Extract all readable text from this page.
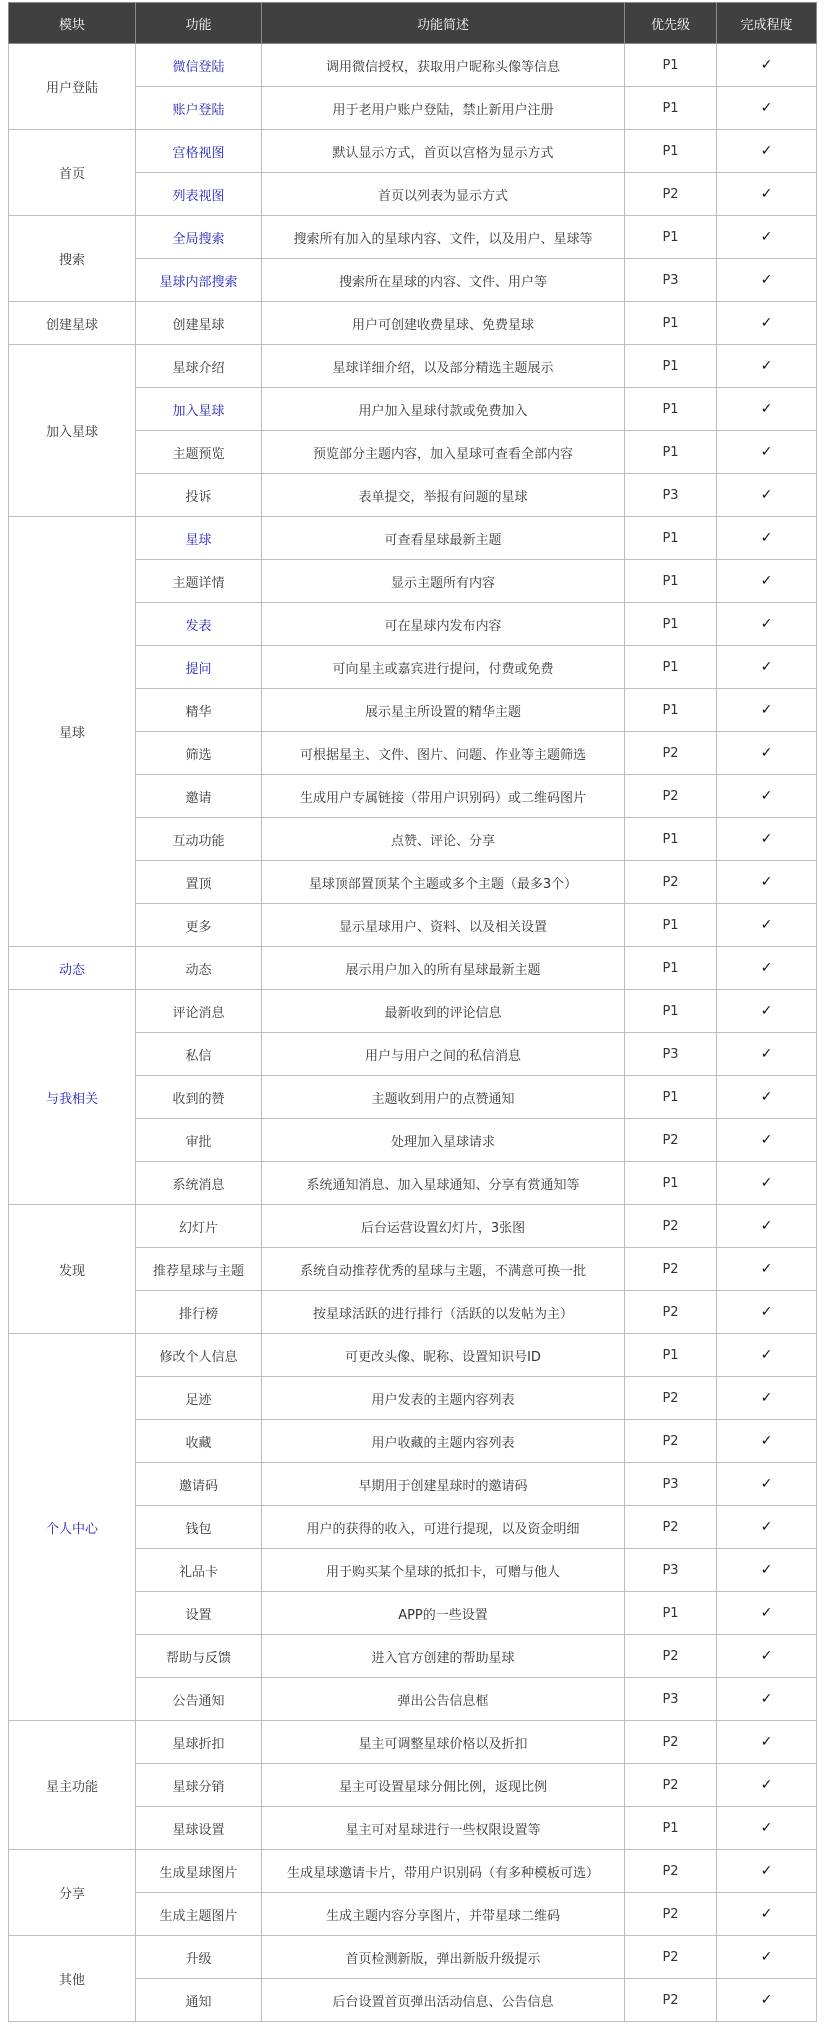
模块	功能	功能简述	优先级	完成程度
用户登陆	微信登陆	调用微信授权，获取用户昵称头像等信息	P1	✓
	账户登陆	用于老用户账户登陆，禁止新用户注册	P1	✓
首页	宫格视图	默认显示方式，首页以宫格为显示方式	P1	✓
	列表视图	首页以列表为显示方式	P2	✓
搜索	全局搜索	搜索所有加入的星球内容、文件，以及用户、星球等	P1	✓
	星球内部搜索	搜索所在星球的内容、文件、用户等	P3	✓
创建星球	创建星球	用户可创建收费星球、免费星球	P1	✓
加入星球	星球介绍	星球详细介绍，以及部分精选主题展示	P1	✓
	加入星球	用户加入星球付款或免费加入	P1	✓
	主题预览	预览部分主题内容，加入星球可查看全部内容	P1	✓
	投诉	表单提交，举报有问题的星球	P3	✓
星球	星球	可查看星球最新主题	P1	✓
	主题详情	显示主题所有内容	P1	✓
	发表	可在星球内发布内容	P1	✓
	提问	可向星主或嘉宾进行提问，付费或免费	P1	✓
	精华	展示星主所设置的精华主题	P1	✓
	筛选	可根据星主、文件、图片、问题、作业等主题筛选	P2	✓
	邀请	生成用户专属链接（带用户识别码）或二维码图片	P2	✓
	互动功能	点赞、评论、分享	P1	✓
	置顶	星球顶部置顶某个主题或多个主题（最多3个）	P2	✓
	更多	显示星球用户、资料、以及相关设置	P1	✓
动态	动态	展示用户加入的所有星球最新主题	P1	✓
与我相关	评论消息	最新收到的评论信息	P1	✓
	私信	用户与用户之间的私信消息	P3	✓
	收到的赞	主题收到用户的点赞通知	P1	✓
	审批	处理加入星球请求	P2	✓
	系统消息	系统通知消息、加入星球通知、分享有赏通知等	P1	✓
发现	幻灯片	后台运营设置幻灯片，3张图	P2	✓
	推荐星球与主题	系统自动推荐优秀的星球与主题，不满意可换一批	P2	✓
	排行榜	按星球活跃的进行排行（活跃的以发帖为主）	P2	✓
个人中心	修改个人信息	可更改头像、昵称、设置知识号ID	P1	✓
	足迹	用户发表的主题内容列表	P2	✓
	收藏	用户收藏的主题内容列表	P2	✓
	邀请码	早期用于创建星球时的邀请码	P3	✓
	钱包	用户的获得的收入，可进行提现，以及资金明细	P2	✓
	礼品卡	用于购买某个星球的抵扣卡，可赠与他人	P3	✓
	设置	APP的一些设置	P1	✓
	帮助与反馈	进入官方创建的帮助星球	P2	✓
	公告通知	弹出公告信息框	P3	✓
星主功能	星球折扣	星主可调整星球价格以及折扣	P2	✓
	星球分销	星主可设置星球分佣比例，返现比例	P2	✓
	星球设置	星主可对星球进行一些权限设置等	P1	✓
分享	生成星球图片	生成星球邀请卡片，带用户识别码（有多种模板可选）	P2	✓
	生成主题图片	生成主题内容分享图片，并带星球二维码	P2	✓
其他	升级	首页检测新版，弹出新版升级提示	P2	✓
	通知	后台设置首页弹出活动信息、公告信息	P2	✓
